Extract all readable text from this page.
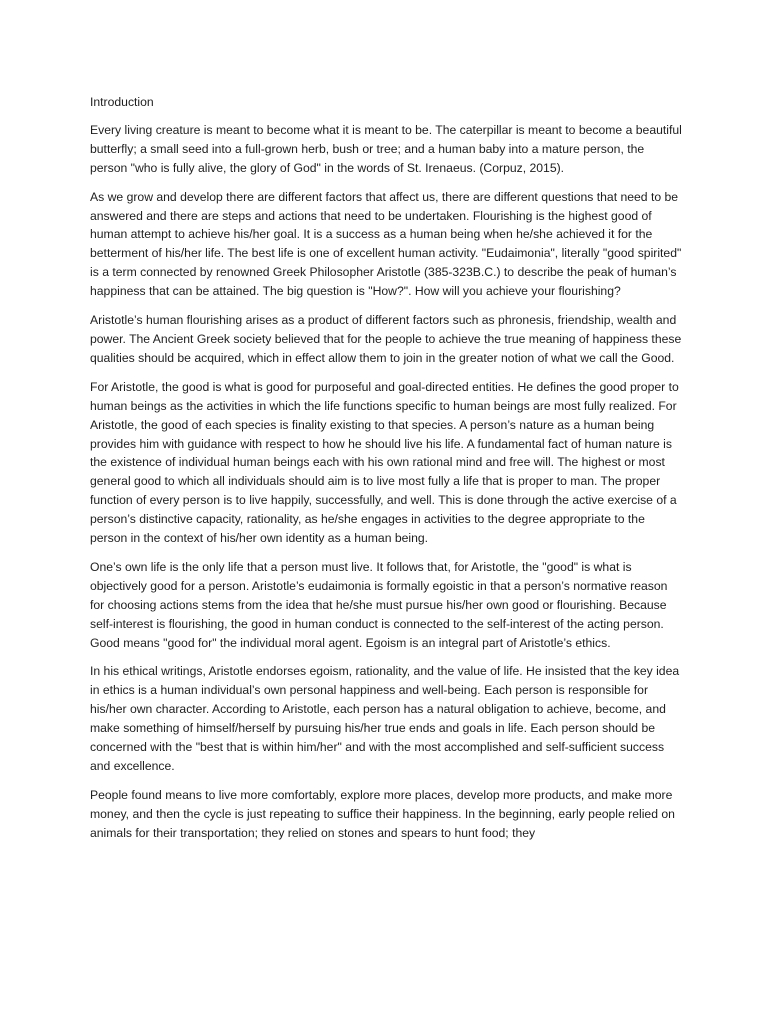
Introduction

Every living creature is meant to become what it is meant to be. The caterpillar is meant to become a beautiful butterfly; a small seed into a full-grown herb, bush or tree; and a human baby into a mature person, the person "who is fully alive, the glory of God" in the words of St. Irenaeus. (Corpuz, 2015).

As we grow and develop there are different factors that affect us, there are different questions that need to be answered and there are steps and actions that need to be undertaken. Flourishing is the highest good of human attempt to achieve his/her goal. It is a success as a human being when he/she achieved it for the betterment of his/her life. The best life is one of excellent human activity. "Eudaimonia", literally "good spirited" is a term connected by renowned Greek Philosopher Aristotle (385-323B.C.) to describe the peak of human’s happiness that can be attained. The big question is "How?". How will you achieve your flourishing?

Aristotle’s human flourishing arises as a product of different factors such as phronesis, friendship, wealth and power. The Ancient Greek society believed that for the people to achieve the true meaning of happiness these qualities should be acquired, which in effect allow them to join in the greater notion of what we call the Good.

For Aristotle, the good is what is good for purposeful and goal-directed entities. He defines the good proper to human beings as the activities in which the life functions specific to human beings are most fully realized. For Aristotle, the good of each species is finality existing to that species. A person’s nature as a human being provides him with guidance with respect to how he should live his life. A fundamental fact of human nature is the existence of individual human beings each with his own rational mind and free will. The highest or most general good to which all individuals should aim is to live most fully a life that is proper to man. The proper function of every person is to live happily, successfully, and well. This is done through the active exercise of a person’s distinctive capacity, rationality, as he/she engages in activities to the degree appropriate to the person in the context of his/her own identity as a human being.

One’s own life is the only life that a person must live. It follows that, for Aristotle, the "good" is what is objectively good for a person. Aristotle’s eudaimonia is formally egoistic in that a person’s normative reason for choosing actions stems from the idea that he/she must pursue his/her own good or flourishing. Because self-interest is flourishing, the good in human conduct is connected to the self-interest of the acting person. Good means "good for" the individual moral agent. Egoism is an integral part of Aristotle’s ethics.

In his ethical writings, Aristotle endorses egoism, rationality, and the value of life. He insisted that the key idea in ethics is a human individual’s own personal happiness and well-being. Each person is responsible for his/her own character. According to Aristotle, each person has a natural obligation to achieve, become, and make something of himself/herself by pursuing his/her true ends and goals in life. Each person should be concerned with the "best that is within him/her" and with the most accomplished and self-sufficient success and excellence.

People found means to live more comfortably, explore more places, develop more products, and make more money, and then the cycle is just repeating to suffice their happiness. In the beginning, early people relied on animals for their transportation; they relied on stones and spears to hunt food; they
